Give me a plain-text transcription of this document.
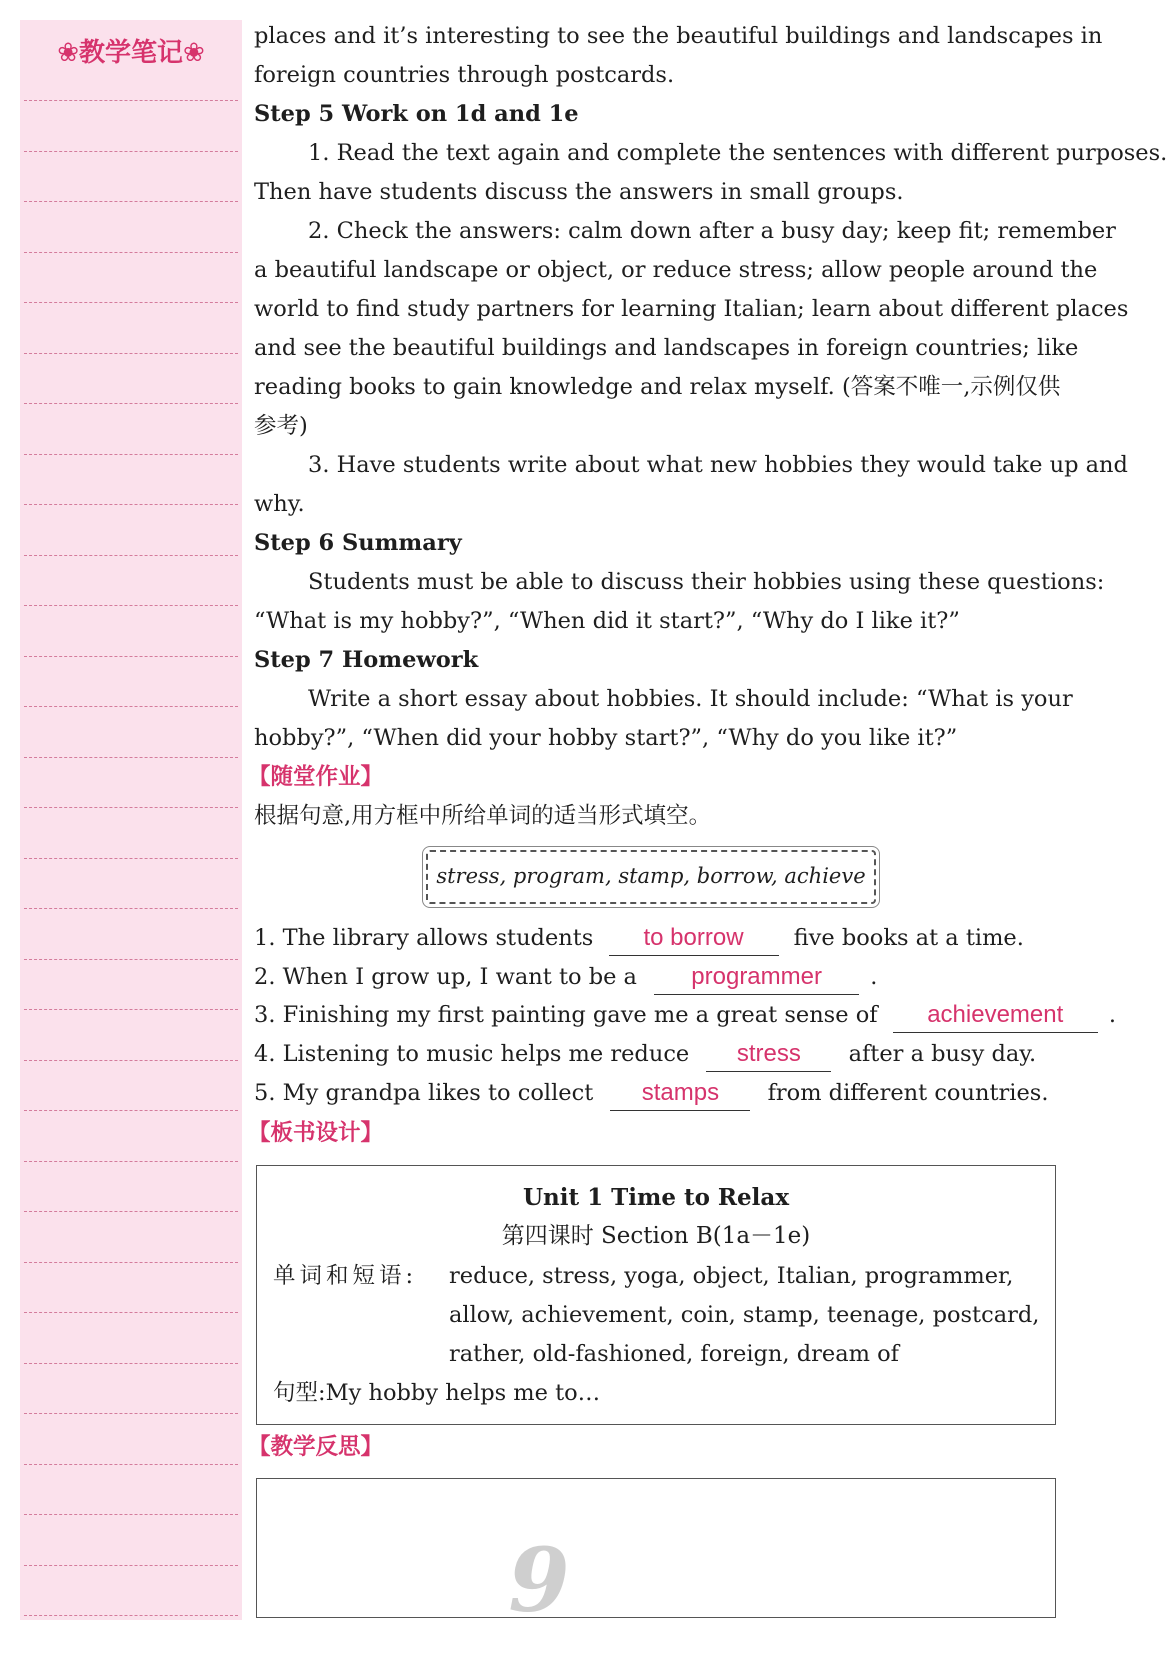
❀教学笔记❀
places and it’s interesting to see the beautiful buildings and landscapes in
foreign countries through postcards.
Step 5 Work on 1d and 1e
1. Read the text again and complete the sentences with different purposes.
Then have students discuss the answers in small groups.
2. Check the answers: calm down after a busy day; keep fit; remember
a beautiful landscape or object, or reduce stress; allow people around the
world to find study partners for learning Italian; learn about different places
and see the beautiful buildings and landscapes in foreign countries; like
reading books to gain knowledge and relax myself. (答案不唯一,示例仅供
参考)
3. Have students write about what new hobbies they would take up and
why.
Step 6 Summary
Students must be able to discuss their hobbies using these questions:
“What is my hobby?”, “When did it start?”, “Why do I like it?”
Step 7 Homework
Write a short essay about hobbies. It should include: “What is your
hobby?”, “When did your hobby start?”, “Why do you like it?”
【随堂作业】
根据句意,用方框中所给单词的适当形式填空。
stress, program, stamp, borrow, achieve
1. The library allows students to borrow five books at a time.
2. When I grow up, I want to be a programmer .
3. Finishing my first painting gave me a great sense of achievement .
4. Listening to music helps me reduce stress after a busy day.
5. My grandpa likes to collect stamps from different countries.
【板书设计】
Unit 1 Time to Relax
第四课时 Section B(1a－1e)
单词和短语: reduce, stress, yoga, object, Italian, programmer,
allow, achievement, coin, stamp, teenage, postcard,
rather, old-fashioned, foreign, dream of
句型:My hobby helps me to…
【教学反思】
9
